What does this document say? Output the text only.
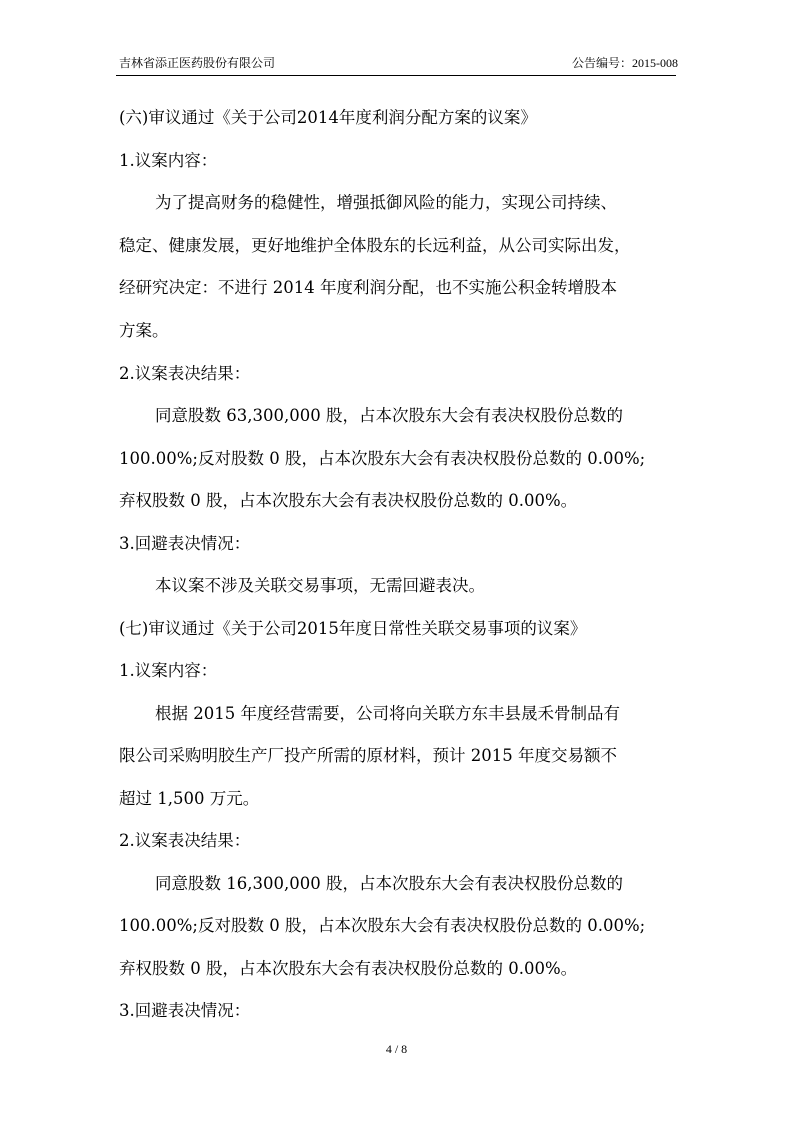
吉林省添正医药股份有限公司	公告编号：2015-008
(六)审议通过《关于公司2014年度利润分配方案的议案》
1.议案内容：
为了提高财务的稳健性，增强抵御风险的能力，实现公司持续、
稳定、健康发展，更好地维护全体股东的长远利益，从公司实际出发，
经研究决定：不进行 2014 年度利润分配，也不实施公积金转增股本
方案。
2.议案表决结果：
同意股数 63,300,000 股，占本次股东大会有表决权股份总数的
100.00%;反对股数 0 股，占本次股东大会有表决权股份总数的 0.00%;
弃权股数 0 股，占本次股东大会有表决权股份总数的 0.00%。
3.回避表决情况：
本议案不涉及关联交易事项，无需回避表决。
(七)审议通过《关于公司2015年度日常性关联交易事项的议案》
1.议案内容：
根据 2015 年度经营需要，公司将向关联方东丰县晟禾骨制品有
限公司采购明胶生产厂投产所需的原材料，预计 2015 年度交易额不
超过 1,500 万元。
2.议案表决结果：
同意股数 16,300,000 股，占本次股东大会有表决权股份总数的
100.00%;反对股数 0 股，占本次股东大会有表决权股份总数的 0.00%;
弃权股数 0 股，占本次股东大会有表决权股份总数的 0.00%。
3.回避表决情况：
4 / 8
